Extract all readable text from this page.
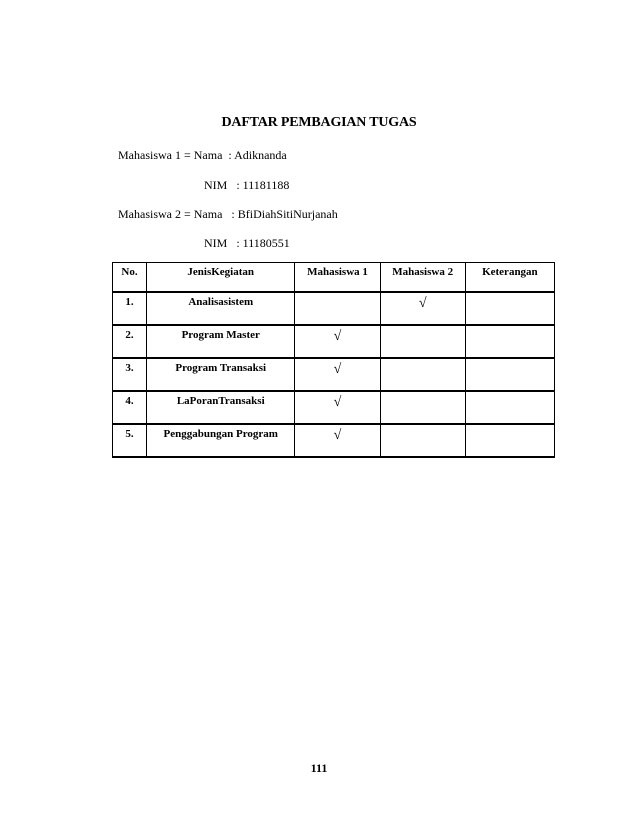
DAFTAR PEMBAGIAN TUGAS
Mahasiswa 1 = Nama  : Adiknanda
NIM   : 11181188
Mahasiswa 2 = Nama   : BfiDiahSitiNurjanah
NIM   : 11180551
No.	JenisKegiatan	Mahasiswa 1	Mahasiswa 2	Keterangan
1.	Analisasistem		√	
2.	Program Master	√		
3.	Program Transaksi	√		
4.	LaPoranTransaksi	√		
5.	Penggabungan Program	√		
111
